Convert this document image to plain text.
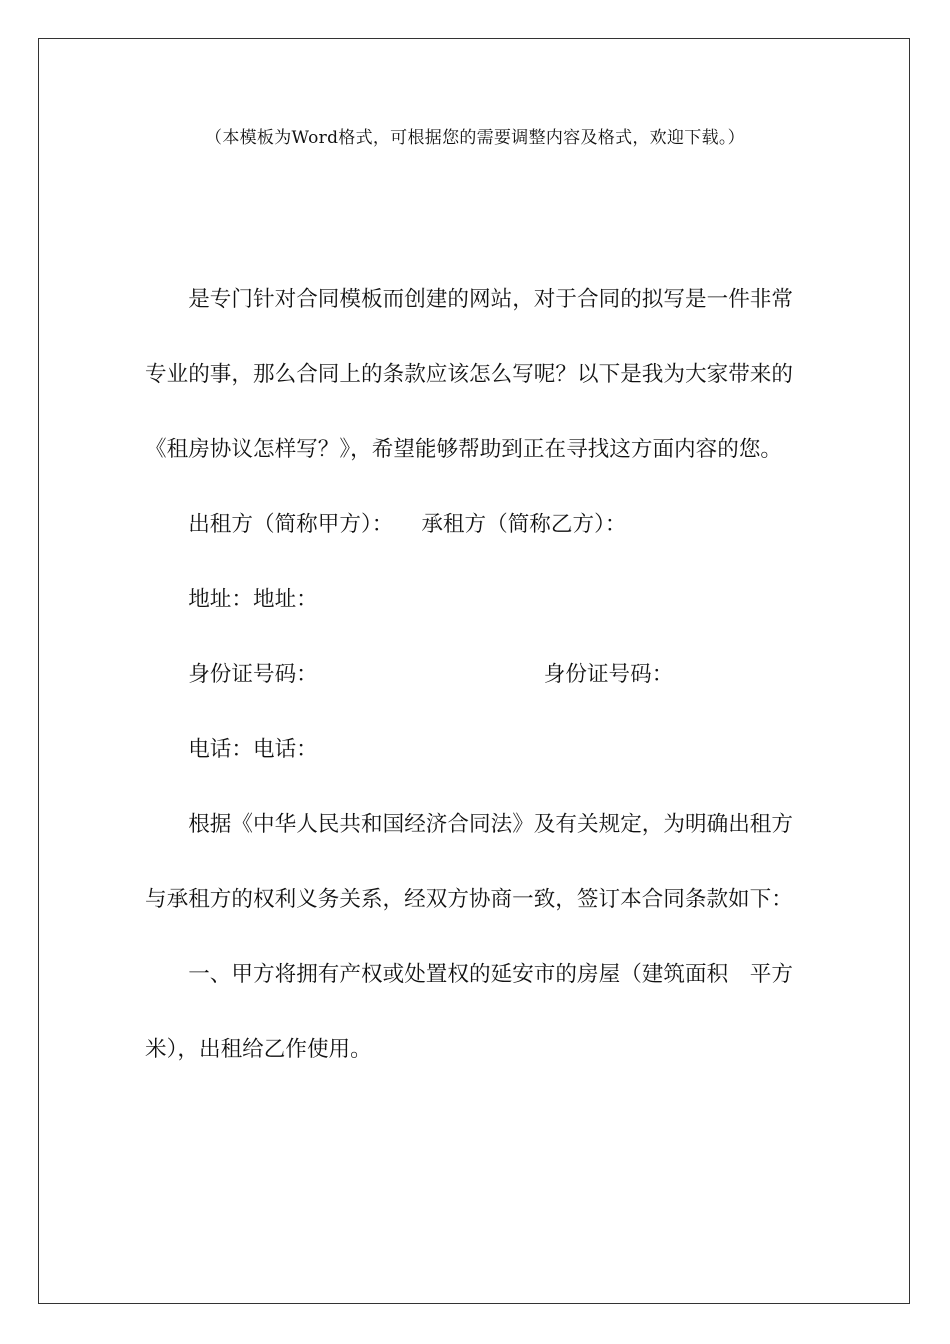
（本模板为Word格式，可根据您的需要调整内容及格式，欢迎下载。）

是专门针对合同模板而创建的网站，对于合同的拟写是一件非常专业的事，那么合同上的条款应该怎么写呢？以下是我为大家带来的《租房协议怎样写？》，希望能够帮助到正在寻找这方面内容的您。

出租方（简称甲方）： 承租方（简称乙方）：

地址：地址：

身份证号码：	身份证号码：

电话：电话：

根据《中华人民共和国经济合同法》及有关规定，为明确出租方与承租方的权利义务关系，经双方协商一致，签订本合同条款如下：

一、甲方将拥有产权或处置权的延安市的房屋（建筑面积　平方米），出租给乙作使用。
